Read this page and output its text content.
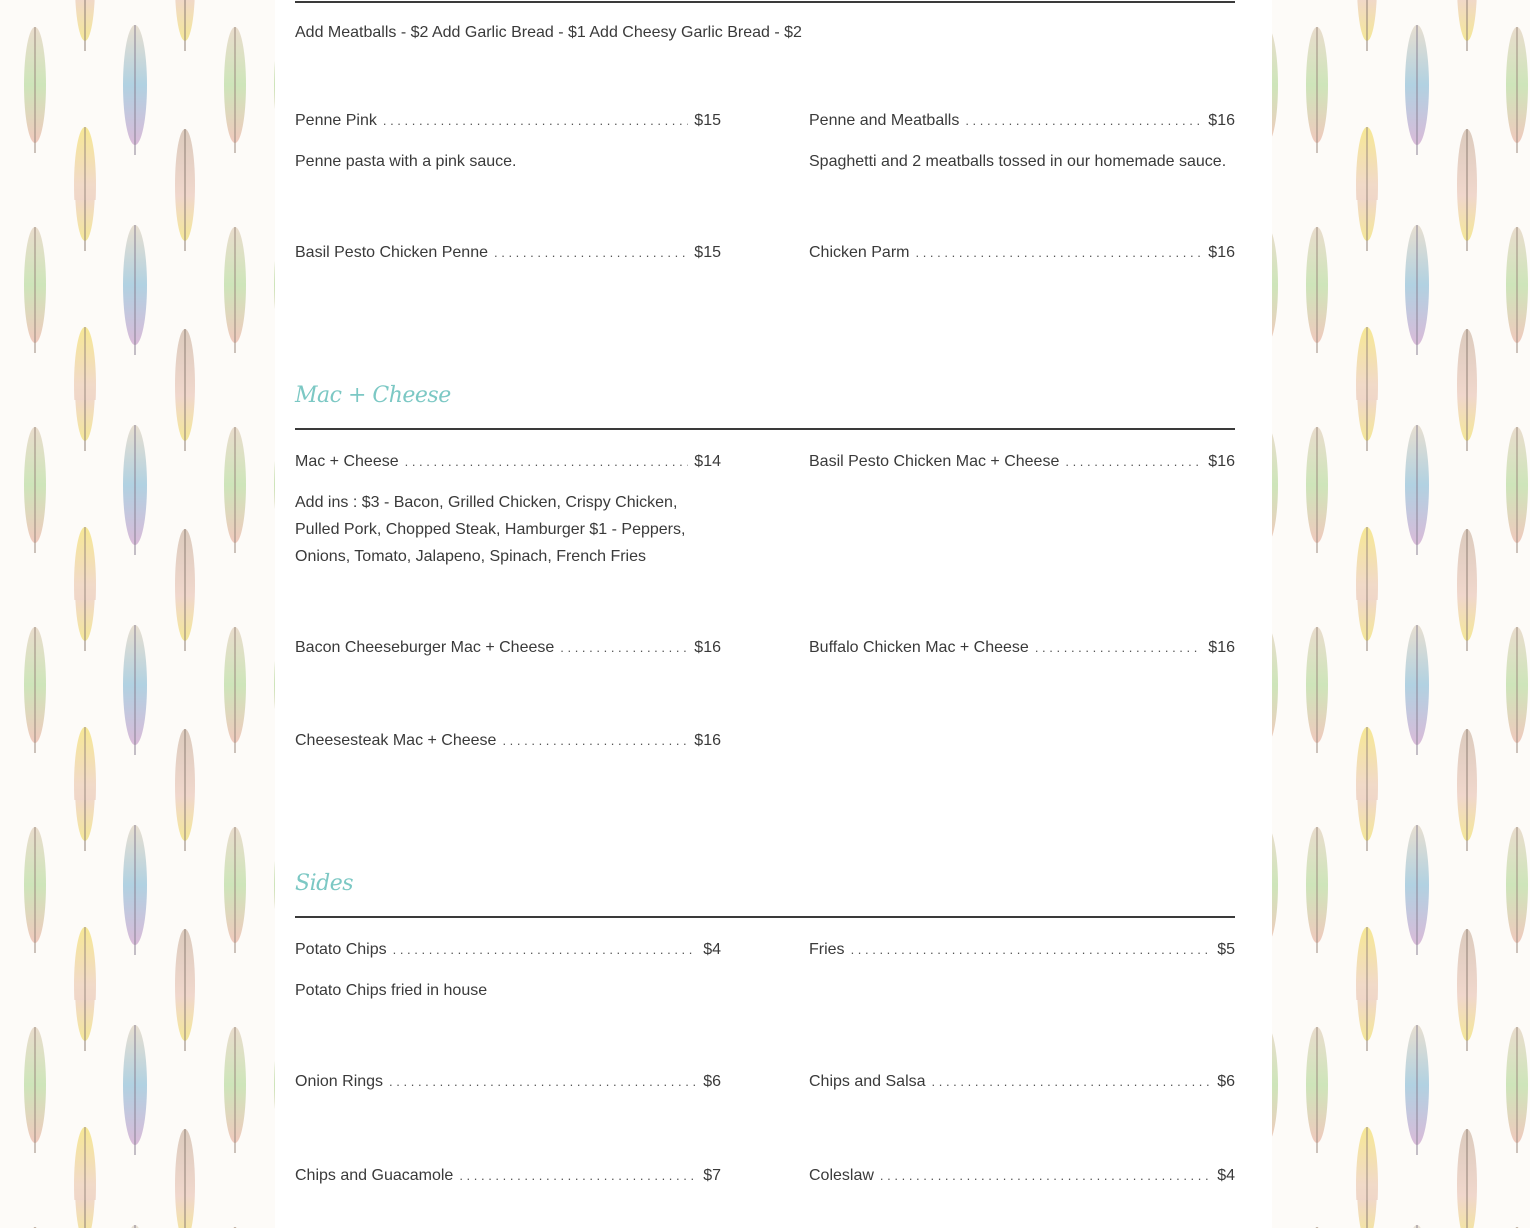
Add Meatballs - $2 Add Garlic Bread - $1 Add Cheesy Garlic Bread - $2
Penne Pink . . .	$15
Penne pasta with a pink sauce.
Penne and Meatballs . . .	$16
Spaghetti and 2 meatballs tossed in our homemade sauce.
Basil Pesto Chicken Penne . . .	$15	Chicken Parm . . .	$16
Mac + Cheese
Mac + Cheese . . .	$14
Add ins : $3 - Bacon, Grilled Chicken, Crispy Chicken, Pulled Pork, Chopped Steak, Hamburger $1 - Peppers, Onions, Tomato, Jalapeno, Spinach, French Fries
Basil Pesto Chicken Mac + Cheese . . .	$16
Bacon Cheeseburger Mac + Cheese . . .	$16	Buffalo Chicken Mac + Cheese . . .	$16
Cheesesteak Mac + Cheese . . .	$16
Sides
Potato Chips . . .	$4
Potato Chips fried in house
Fries . . .	$5
Onion Rings . . .	$6	Chips and Salsa . . .	$6
Chips and Guacamole . . .	$7	Coleslaw . . .	$4
